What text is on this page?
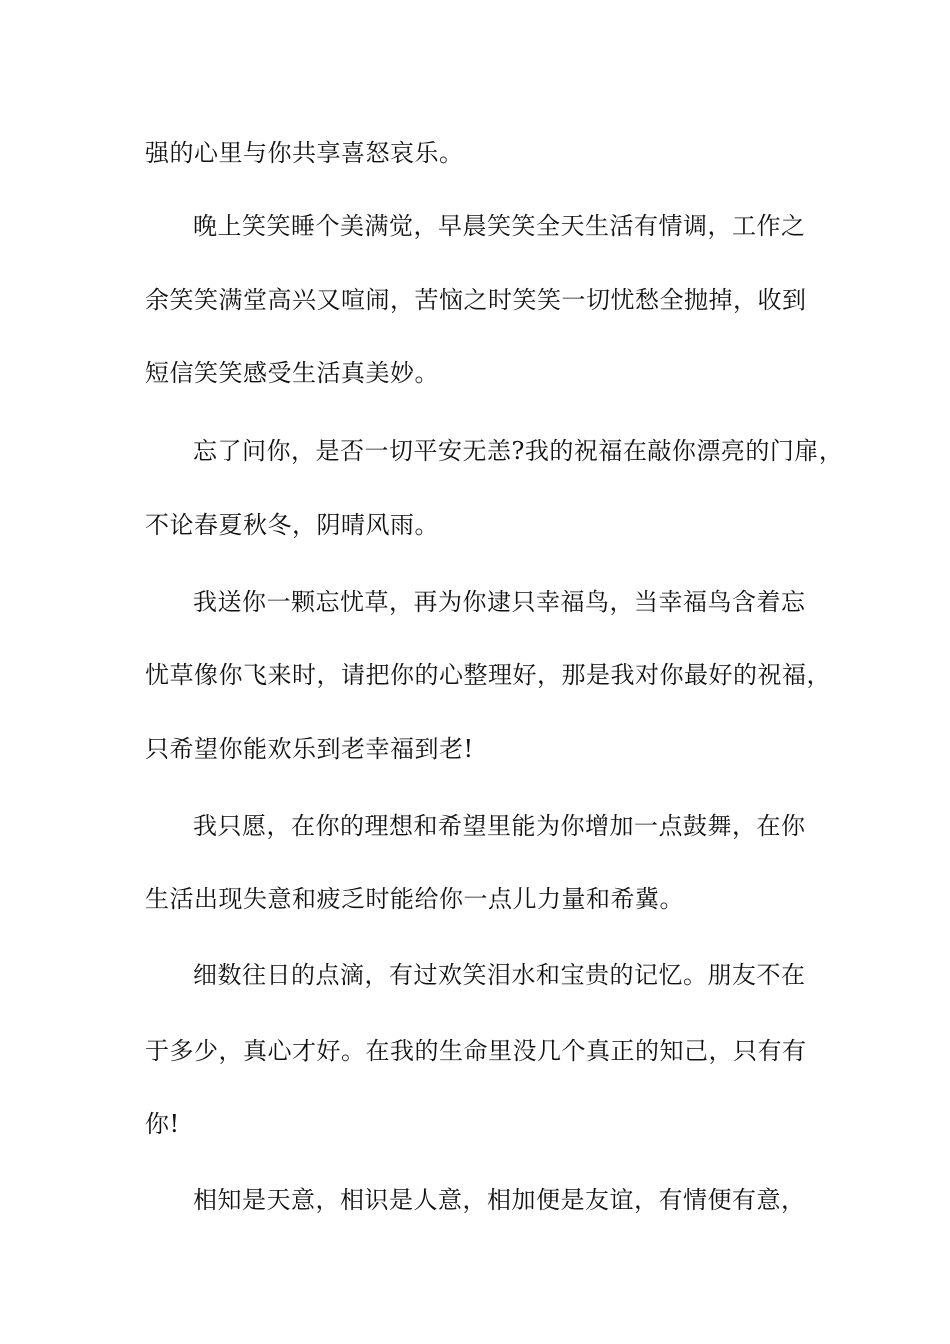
强的心里与你共享喜怒哀乐。
晚上笑笑睡个美满觉，早晨笑笑全天生活有情调，工作之
余笑笑满堂高兴又喧闹，苦恼之时笑笑一切忧愁全抛掉，收到
短信笑笑感受生活真美妙。
忘了问你，是否一切平安无恙?我的祝福在敲你漂亮的门扉，
不论春夏秋冬，阴晴风雨。
我送你一颗忘忧草，再为你逮只幸福鸟，当幸福鸟含着忘
忧草像你飞来时，请把你的心整理好，那是我对你最好的祝福，
只希望你能欢乐到老幸福到老!
我只愿，在你的理想和希望里能为你增加一点鼓舞，在你
生活出现失意和疲乏时能给你一点儿力量和希冀。
细数往日的点滴，有过欢笑泪水和宝贵的记忆。朋友不在
于多少，真心才好。在我的生命里没几个真正的知己，只有有
你!
相知是天意，相识是人意，相加便是友谊，有情便有意，
